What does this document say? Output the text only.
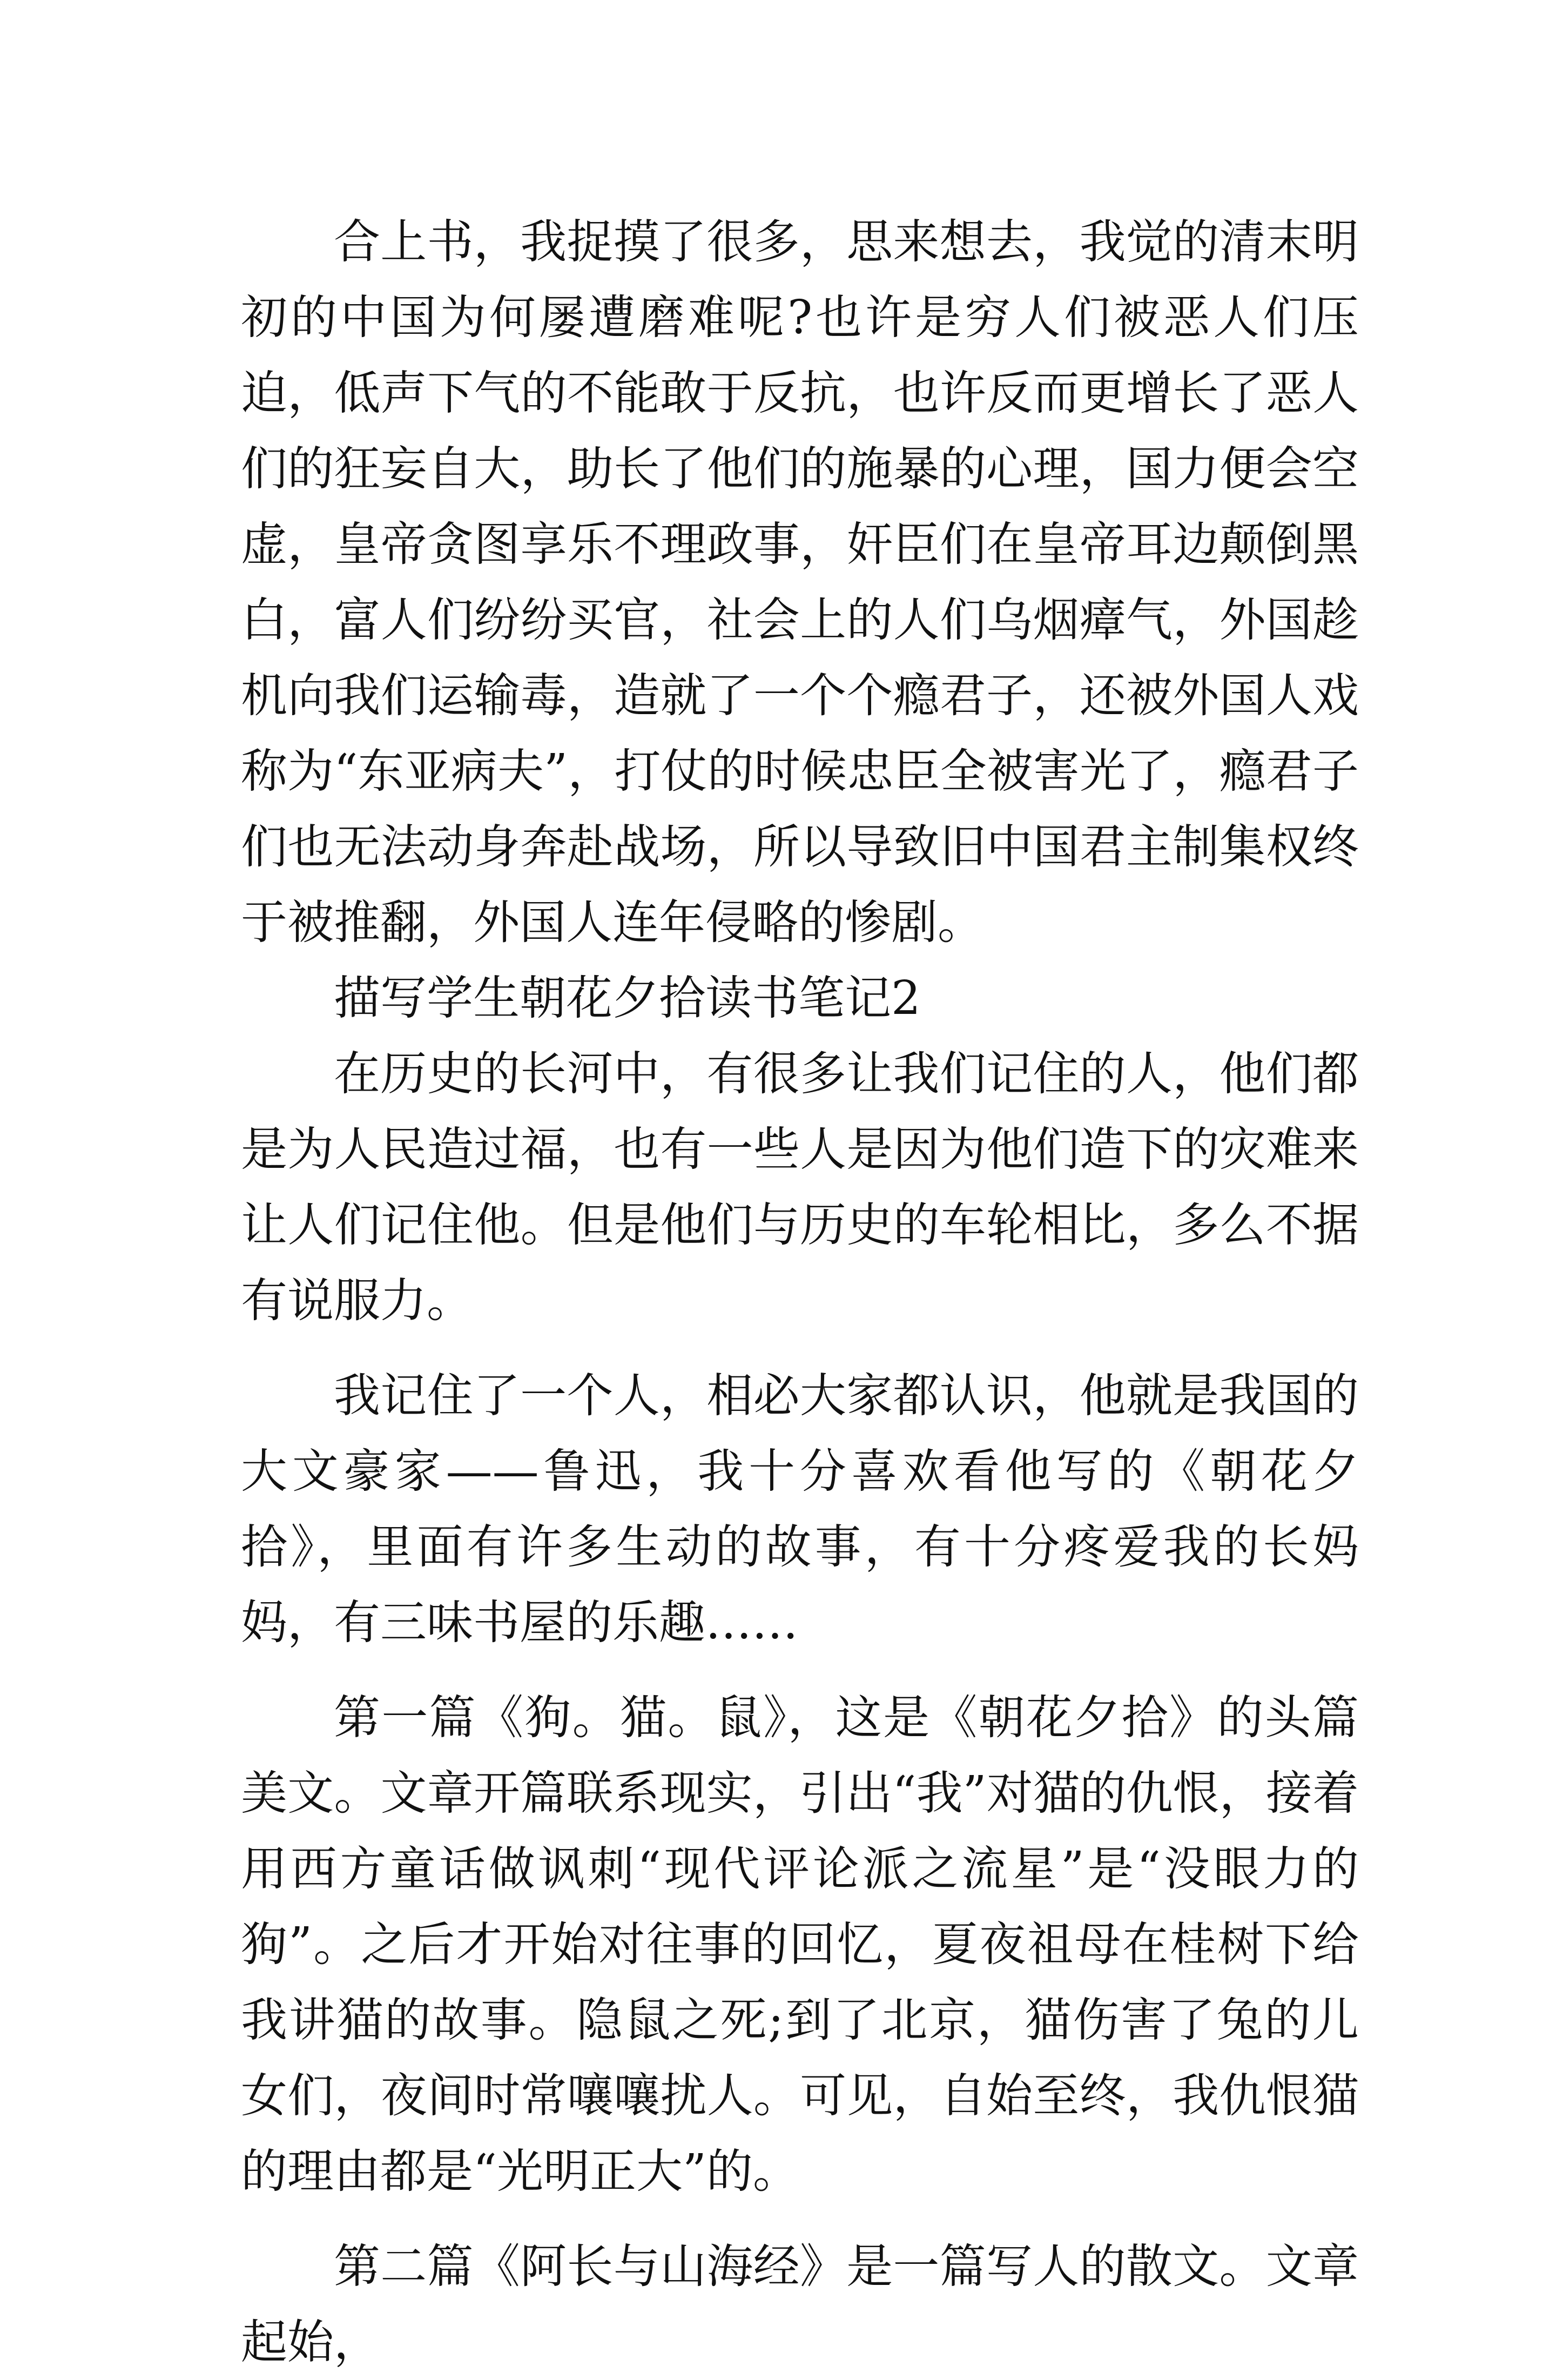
合上书，我捉摸了很多，思来想去，我觉的清末明初的中国为何屡遭磨难呢?也许是穷人们被恶人们压迫，低声下气的不能敢于反抗，也许反而更增长了恶人们的狂妄自大，助长了他们的施暴的心理，国力便会空虚，皇帝贪图享乐不理政事，奸臣们在皇帝耳边颠倒黑白，富人们纷纷买官，社会上的人们乌烟瘴气，外国趁机向我们运输毒，造就了一个个瘾君子，还被外国人戏称为“东亚病夫”，打仗的时候忠臣全被害光了，瘾君子们也无法动身奔赴战场，所以导致旧中国君主制集权终于被推翻，外国人连年侵略的惨剧。

描写学生朝花夕拾读书笔记2

在历史的长河中，有很多让我们记住的人，他们都是为人民造过福，也有一些人是因为他们造下的灾难来让人们记住他。但是他们与历史的车轮相比，多么不据有说服力。

我记住了一个人，相必大家都认识，他就是我国的大文豪家——鲁迅，我十分喜欢看他写的《朝花夕拾》，里面有许多生动的故事，有十分疼爱我的长妈妈，有三味书屋的乐趣……

第一篇《狗。猫。鼠》，这是《朝花夕拾》的头篇美文。文章开篇联系现实，引出“我”对猫的仇恨，接着用西方童话做讽刺“现代评论派之流星”是“没眼力的狗”。之后才开始对往事的回忆，夏夜祖母在桂树下给我讲猫的故事。隐鼠之死;到了北京，猫伤害了兔的儿女们，夜间时常嚷嚷扰人。可见，自始至终，我仇恨猫的理由都是“光明正大”的。

第二篇《阿长与山海经》是一篇写人的散文。文章起始，
